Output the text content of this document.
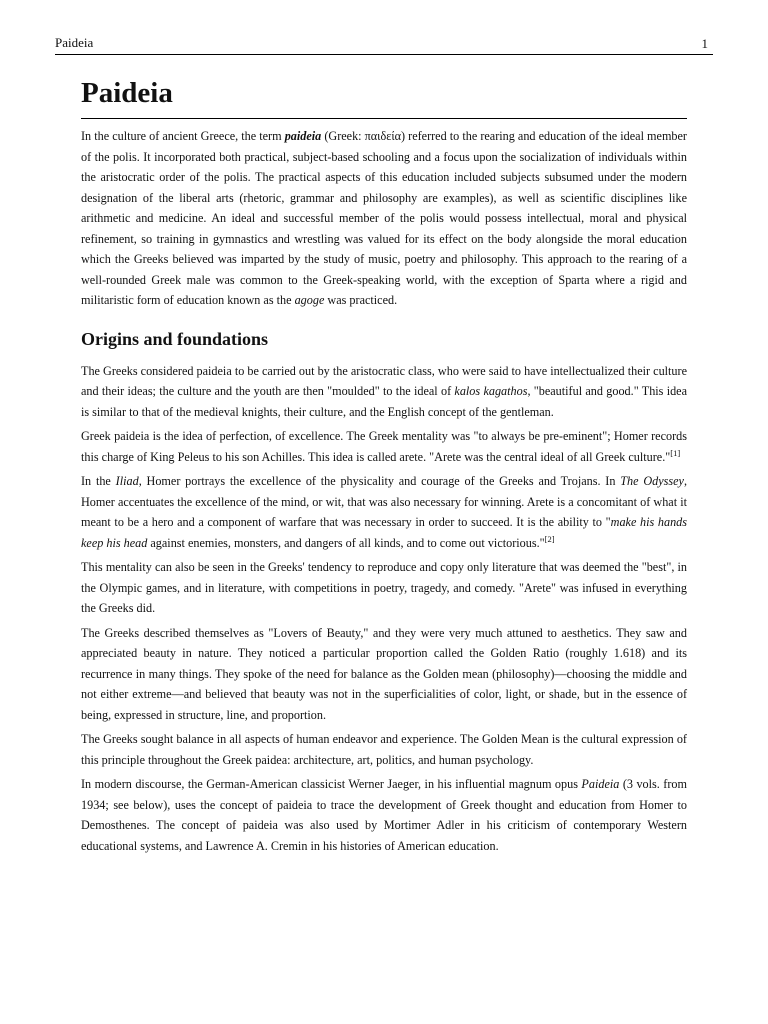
Paideia	1
Paideia

In the culture of ancient Greece, the term paideia (Greek: παιδεία) referred to the rearing and education of the ideal member of the polis. It incorporated both practical, subject-based schooling and a focus upon the socialization of individuals within the aristocratic order of the polis. The practical aspects of this education included subjects subsumed under the modern designation of the liberal arts (rhetoric, grammar and philosophy are examples), as well as scientific disciplines like arithmetic and medicine. An ideal and successful member of the polis would possess intellectual, moral and physical refinement, so training in gymnastics and wrestling was valued for its effect on the body alongside the moral education which the Greeks believed was imparted by the study of music, poetry and philosophy. This approach to the rearing of a well-rounded Greek male was common to the Greek-speaking world, with the exception of Sparta where a rigid and militaristic form of education known as the agoge was practiced.

Origins and foundations

The Greeks considered paideia to be carried out by the aristocratic class, who were said to have intellectualized their culture and their ideas; the culture and the youth are then "moulded" to the ideal of kalos kagathos, "beautiful and good." This idea is similar to that of the medieval knights, their culture, and the English concept of the gentleman.

Greek paideia is the idea of perfection, of excellence. The Greek mentality was "to always be pre-eminent"; Homer records this charge of King Peleus to his son Achilles. This idea is called arete. "Arete was the central ideal of all Greek culture."[1]

In the Iliad, Homer portrays the excellence of the physicality and courage of the Greeks and Trojans. In The Odyssey, Homer accentuates the excellence of the mind, or wit, that was also necessary for winning. Arete is a concomitant of what it meant to be a hero and a component of warfare that was necessary in order to succeed. It is the ability to "make his hands keep his head against enemies, monsters, and dangers of all kinds, and to come out victorious."[2]

This mentality can also be seen in the Greeks' tendency to reproduce and copy only literature that was deemed the "best", in the Olympic games, and in literature, with competitions in poetry, tragedy, and comedy. "Arete" was infused in everything the Greeks did.

The Greeks described themselves as "Lovers of Beauty," and they were very much attuned to aesthetics. They saw and appreciated beauty in nature. They noticed a particular proportion called the Golden Ratio (roughly 1.618) and its recurrence in many things. They spoke of the need for balance as the Golden mean (philosophy)—choosing the middle and not either extreme—and believed that beauty was not in the superficialities of color, light, or shade, but in the essence of being, expressed in structure, line, and proportion.

The Greeks sought balance in all aspects of human endeavor and experience. The Golden Mean is the cultural expression of this principle throughout the Greek paidea: architecture, art, politics, and human psychology.

In modern discourse, the German-American classicist Werner Jaeger, in his influential magnum opus Paideia (3 vols. from 1934; see below), uses the concept of paideia to trace the development of Greek thought and education from Homer to Demosthenes. The concept of paideia was also used by Mortimer Adler in his criticism of contemporary Western educational systems, and Lawrence A. Cremin in his histories of American education.
